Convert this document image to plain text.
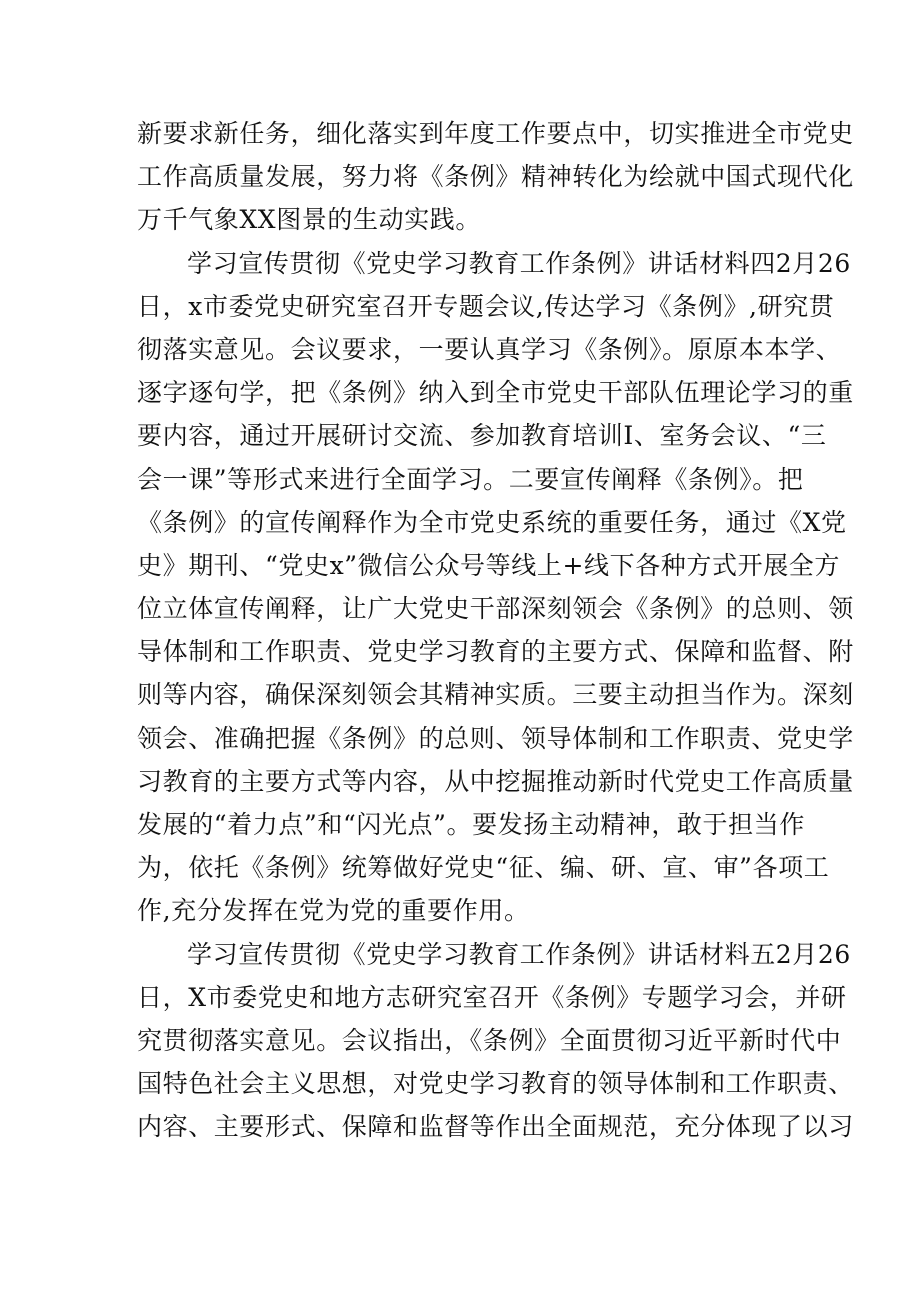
新要求新任务，细化落实到年度工作要点中，切实推进全市党史
工作高质量发展，努力将《条例》精神转化为绘就中国式现代化
万千气象XX图景的生动实践。
学习宣传贯彻《党史学习教育工作条例》讲话材料四2月26
日，x市委党史研究室召开专题会议,传达学习《条例》,研究贯
彻落实意见。会议要求，一要认真学习《条例》。原原本本学、
逐字逐句学，把《条例》纳入到全市党史干部队伍理论学习的重
要内容，通过开展研讨交流、参加教育培训I、室务会议、“三
会一课”等形式来进行全面学习。二要宣传阐释《条例》。把
《条例》的宣传阐释作为全市党史系统的重要任务，通过《X党
史》期刊、“党史x”微信公众号等线上+线下各种方式开展全方
位立体宣传阐释，让广大党史干部深刻领会《条例》的总则、领
导体制和工作职责、党史学习教育的主要方式、保障和监督、附
则等内容，确保深刻领会其精神实质。三要主动担当作为。深刻
领会、准确把握《条例》的总则、领导体制和工作职责、党史学
习教育的主要方式等内容，从中挖掘推动新时代党史工作高质量
发展的“着力点”和“闪光点”。要发扬主动精神，敢于担当作
为，依托《条例》统筹做好党史“征、编、研、宣、审”各项工
作,充分发挥在党为党的重要作用。
学习宣传贯彻《党史学习教育工作条例》讲话材料五2月26
日，X市委党史和地方志研究室召开《条例》专题学习会，并研
究贯彻落实意见。会议指出，《条例》全面贯彻习近平新时代中
国特色社会主义思想，对党史学习教育的领导体制和工作职责、
内容、主要形式、保障和监督等作出全面规范，充分体现了以习
